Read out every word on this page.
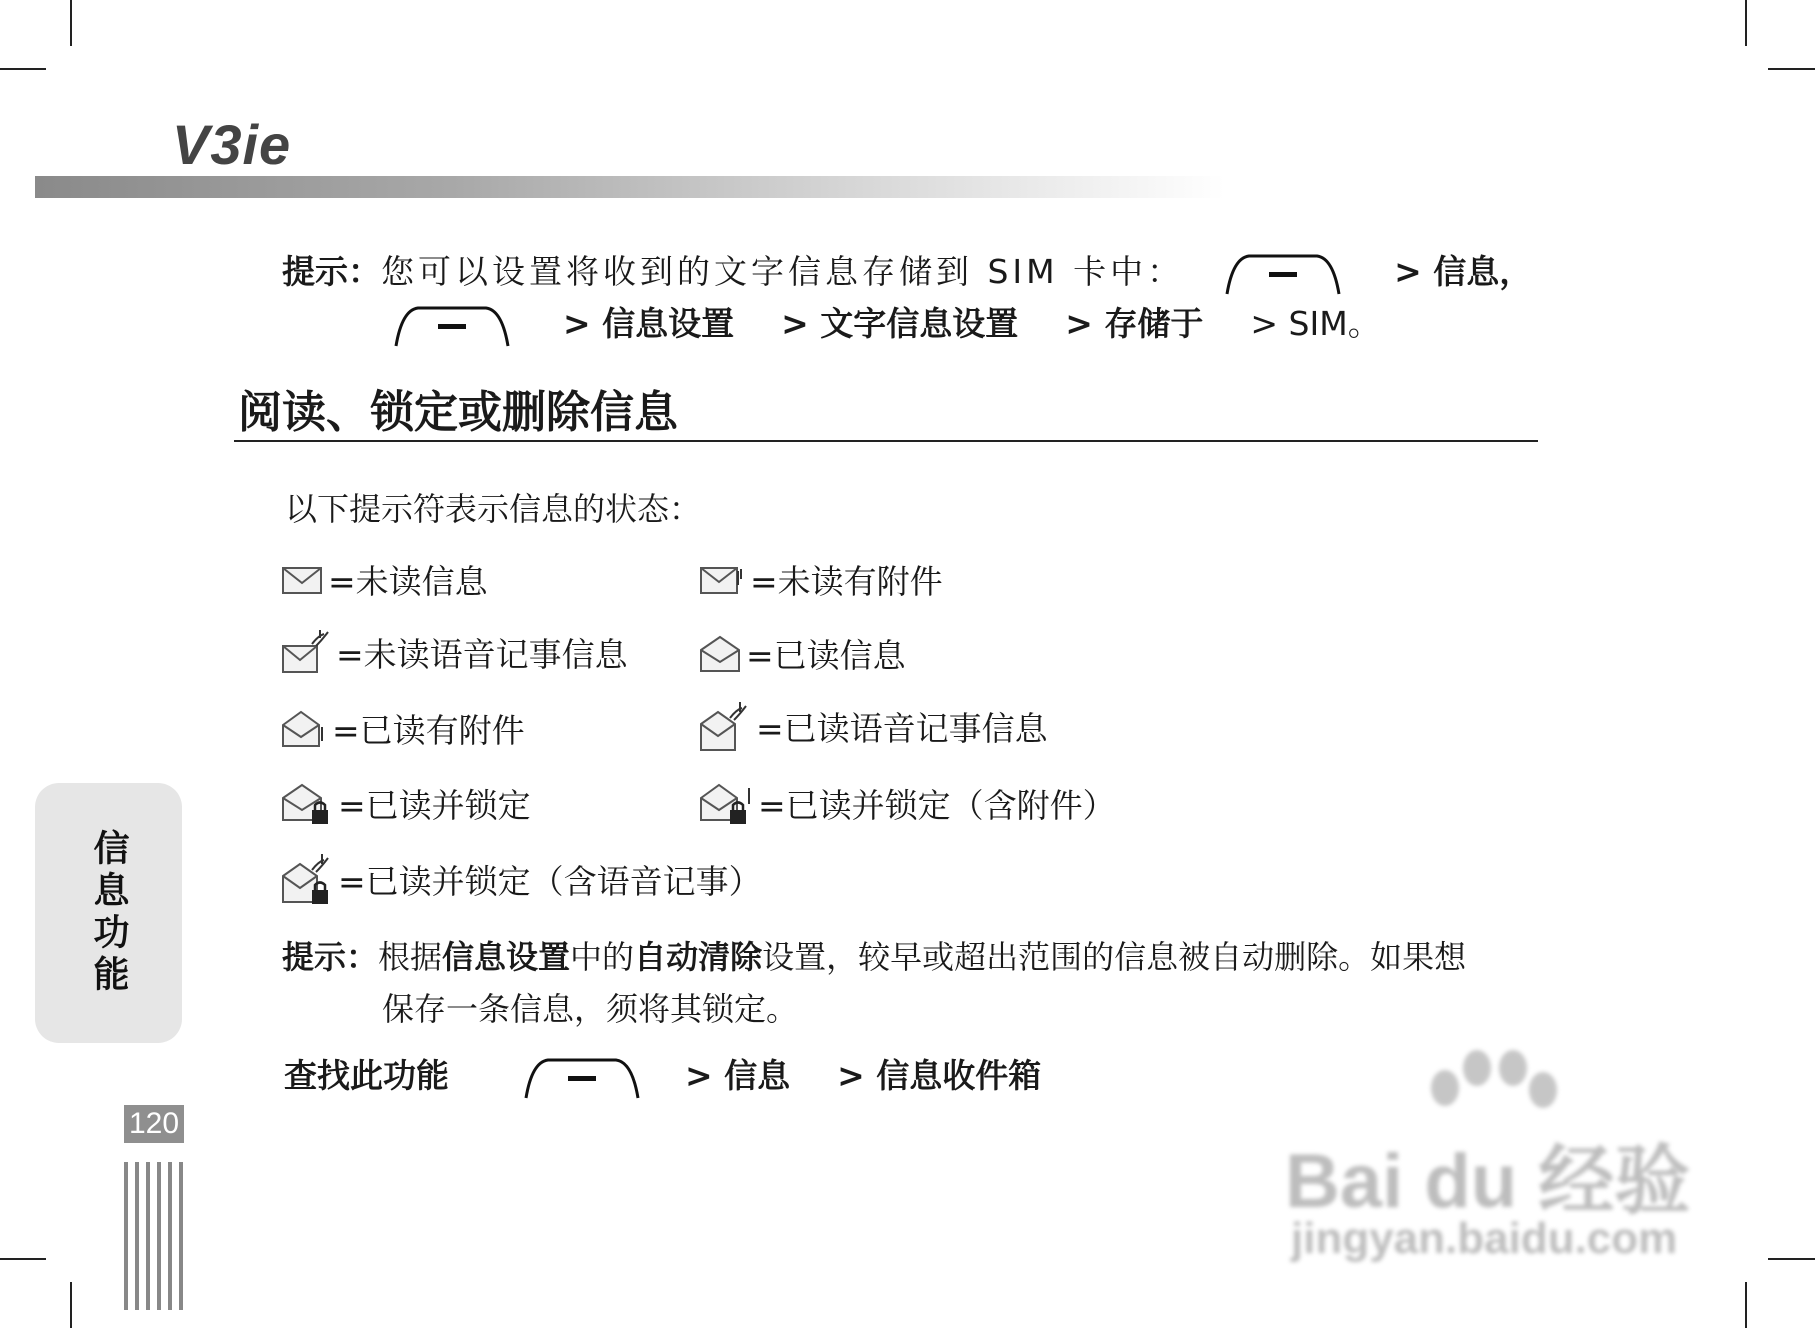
V3ie
提示：您可以设置将收到的文字信息存储到 SIM 卡中：	> 信息，
> 信息设置 > 文字信息设置 > 存储于 > SIM。
阅读、锁定或删除信息
以下提示符表示信息的状态：
=未读信息	=未读有附件
=未读语音记事信息	=已读信息
=已读有附件	=已读语音记事信息
=已读并锁定	=已读并锁定（含附件）
=已读并锁定（含语音记事）
提示：根据信息设置中的自动清除设置，较早或超出范围的信息被自动删除。如果想
保存一条信息，须将其锁定。
查找此功能	> 信息 > 信息收件箱
信息功能
120
Bai du 经验
jingyan.baidu.com
